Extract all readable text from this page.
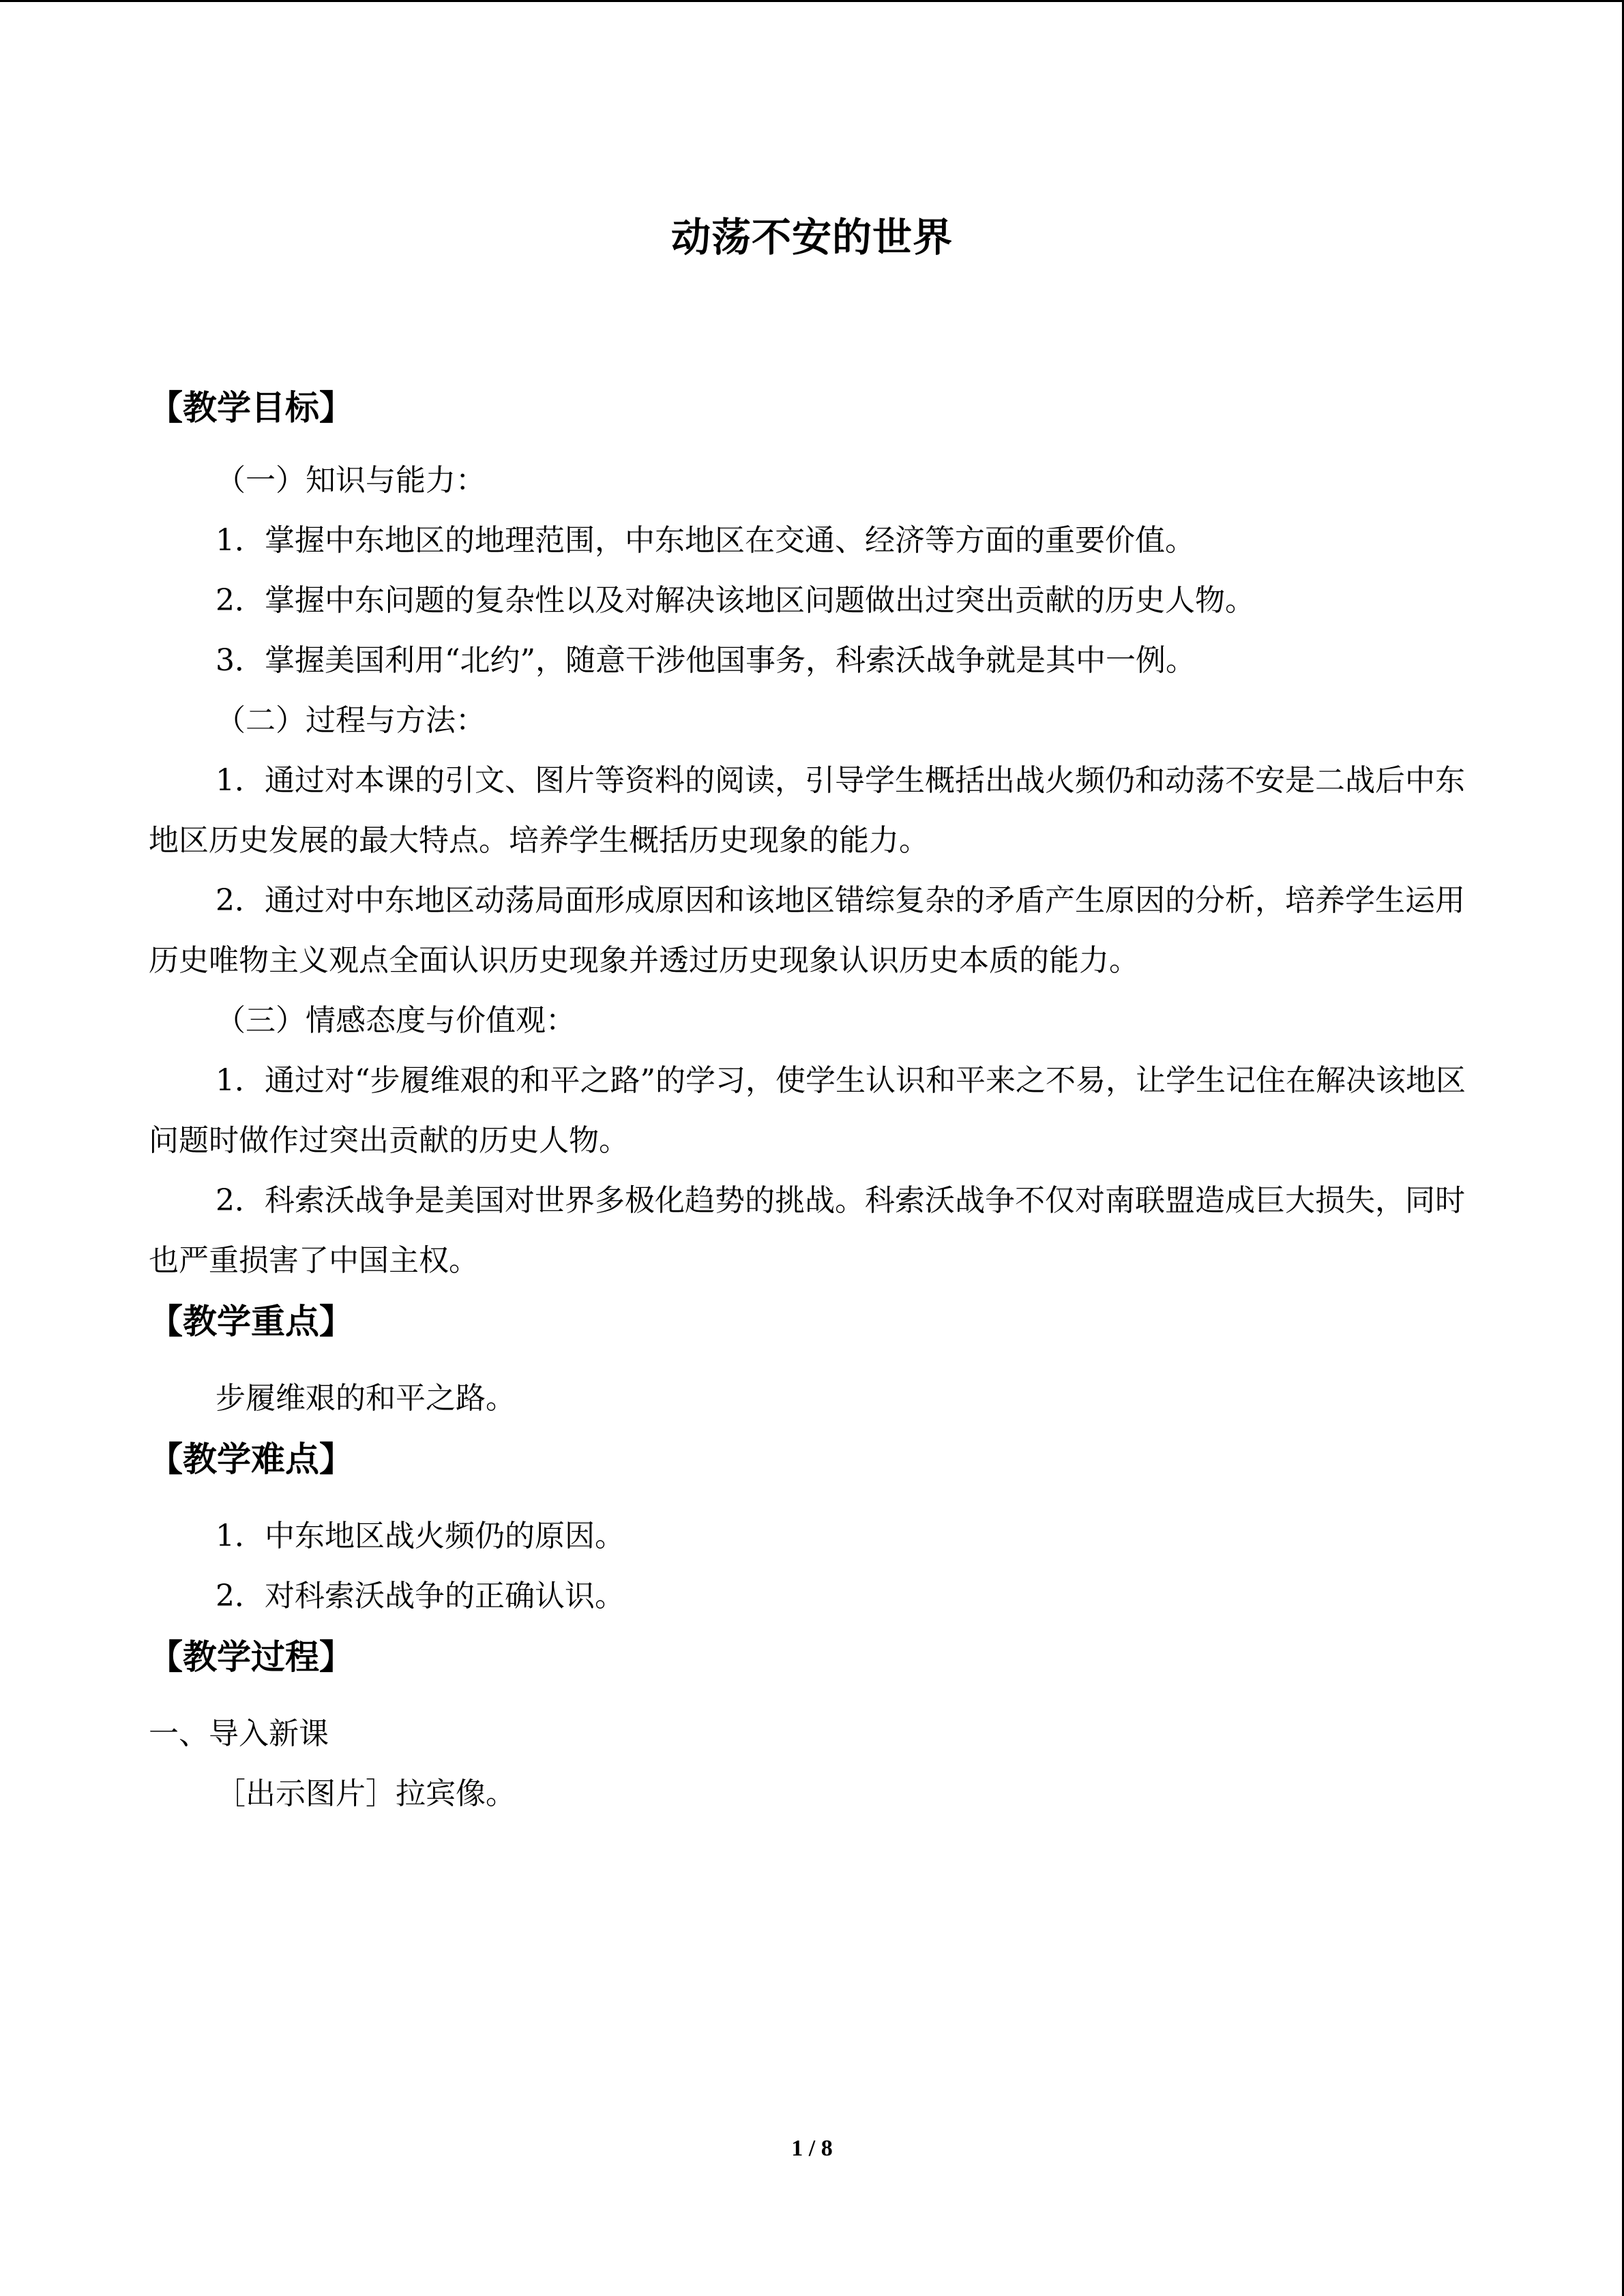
动荡不安的世界

【教学目标】

（一）知识与能力：

1．掌握中东地区的地理范围，中东地区在交通、经济等方面的重要价值。

2．掌握中东问题的复杂性以及对解决该地区问题做出过突出贡献的历史人物。

3．掌握美国利用“北约”，随意干涉他国事务，科索沃战争就是其中一例。

（二）过程与方法：

1．通过对本课的引文、图片等资料的阅读，引导学生概括出战火频仍和动荡不安是二战后中东地区历史发展的最大特点。培养学生概括历史现象的能力。

2．通过对中东地区动荡局面形成原因和该地区错综复杂的矛盾产生原因的分析，培养学生运用历史唯物主义观点全面认识历史现象并透过历史现象认识历史本质的能力。

（三）情感态度与价值观：

1．通过对“步履维艰的和平之路”的学习，使学生认识和平来之不易，让学生记住在解决该地区问题时做作过突出贡献的历史人物。

2．科索沃战争是美国对世界多极化趋势的挑战。科索沃战争不仅对南联盟造成巨大损失，同时也严重损害了中国主权。

【教学重点】

步履维艰的和平之路。

【教学难点】

1．中东地区战火频仍的原因。

2．对科索沃战争的正确认识。

【教学过程】

一、导入新课

［出示图片］拉宾像。

1 / 8
